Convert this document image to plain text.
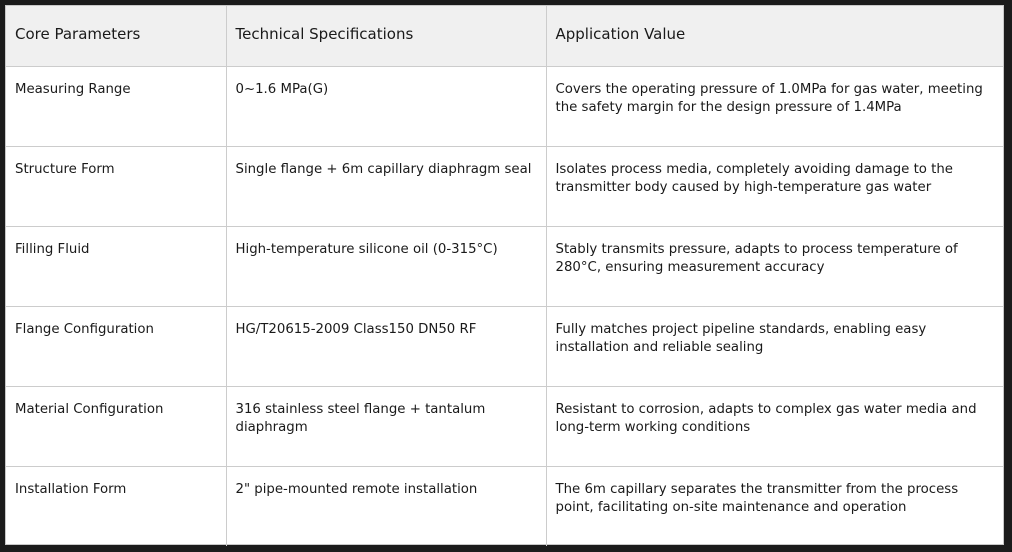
Core Parameters	Technical Specifications	Application Value
Measuring Range	0~1.6 MPa(G)	Covers the operating pressure of 1.0MPa for gas water, meeting the safety margin for the design pressure of 1.4MPa
Structure Form	Single flange + 6m capillary diaphragm seal	Isolates process media, completely avoiding damage to the transmitter body caused by high-temperature gas water
Filling Fluid	High-temperature silicone oil (0-315°C)	Stably transmits pressure, adapts to process temperature of 280°C, ensuring measurement accuracy
Flange Configuration	HG/T20615-2009 Class150 DN50 RF	Fully matches project pipeline standards, enabling easy installation and reliable sealing
Material Configuration	316 stainless steel flange + tantalum diaphragm	Resistant to corrosion, adapts to complex gas water media and long-term working conditions
Installation Form	2" pipe-mounted remote installation	The 6m capillary separates the transmitter from the process point, facilitating on-site maintenance and operation
